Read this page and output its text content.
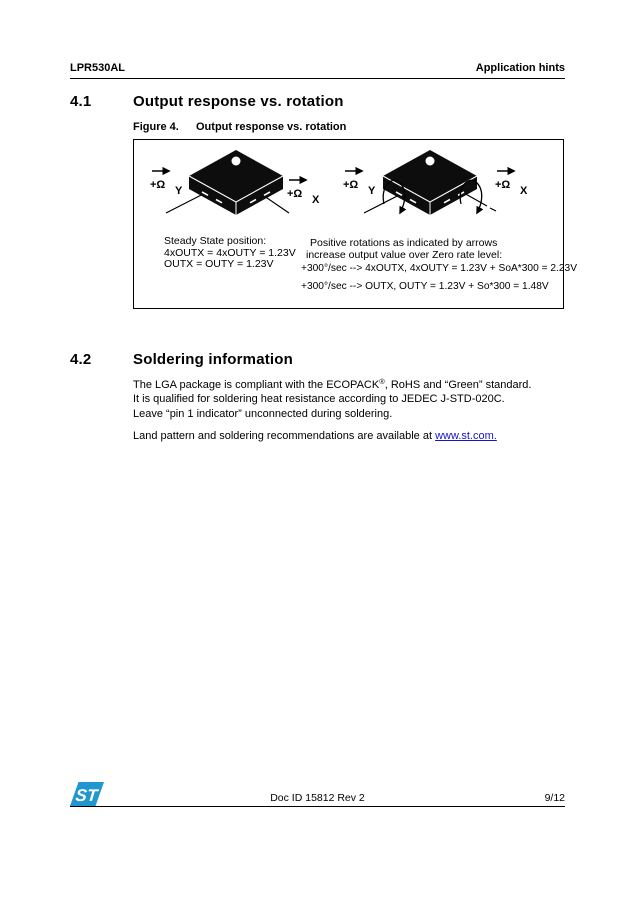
LPR530AL	Application hints
4.1	Output response vs. rotation
Figure 4.	Output response vs. rotation
+Ω Y	+Ω X
+Ω Y	+Ω X
Steady State position:
4xOUTX = 4xOUTY = 1.23V
OUTX = OUTY = 1.23V
Positive rotations as indicated by arrows
increase output value over Zero rate level:
+300°/sec --> 4xOUTX, 4xOUTY = 1.23V + SoA*300 = 2.23V
+300°/sec --> OUTX, OUTY = 1.23V + So*300 = 1.48V
4.2	Soldering information
The LGA package is compliant with the ECOPACK®, RoHS and “Green” standard.
It is qualified for soldering heat resistance according to JEDEC J-STD-020C.
Leave “pin 1 indicator” unconnected during soldering.
Land pattern and soldering recommendations are available at www.st.com.
ST	Doc ID 15812 Rev 2	9/12
